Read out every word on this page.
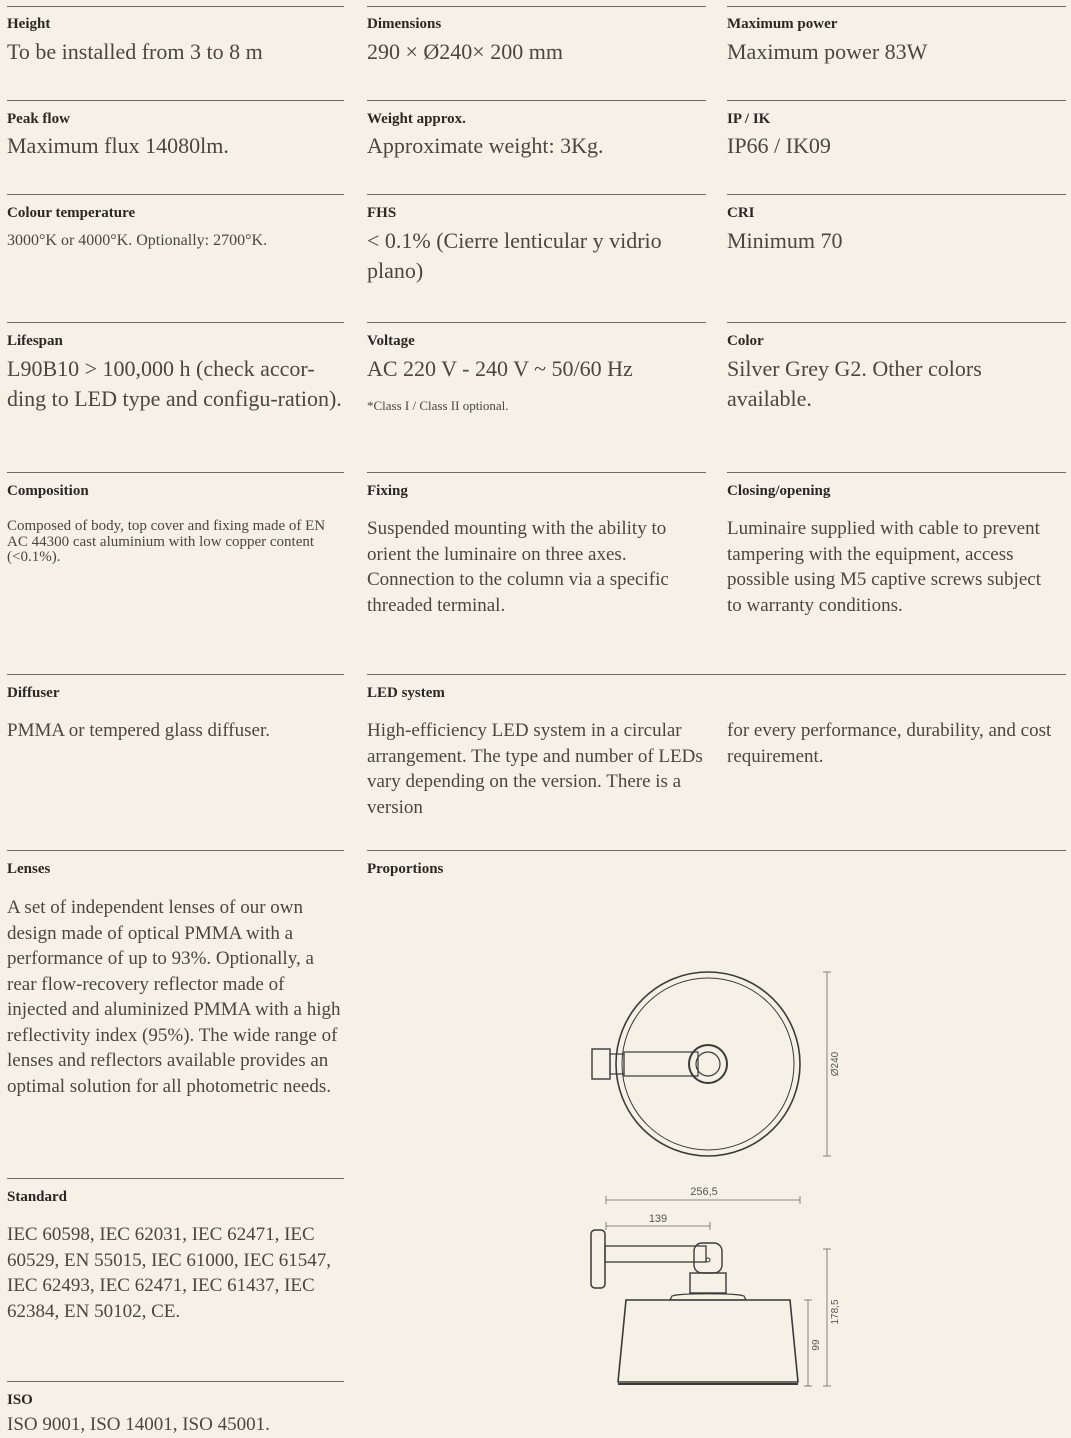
Height
To be installed from 3 to 8 m
Dimensions
290 × Ø240× 200 mm
Maximum power
Maximum power 83W
Peak flow
Maximum flux 14080lm.
Weight approx.
Approximate weight: 3Kg.
IP / IK
IP66 / IK09
Colour temperature
3000°K or 4000°K. Optionally: 2700°K.
FHS
< 0.1% (Cierre lenticular y vidrio plano)
CRI
Minimum 70
Lifespan
L90B10 > 100,000 h (check accor-ding to LED type and configu-ration).
Voltage
AC 220 V - 240 V ~ 50/60 Hz
*Class I / Class II optional.
Color
Silver Grey G2. Other colors available.
Composition
Composed of body, top cover and fixing made of EN AC 44300 cast aluminium with low copper content (<0.1%).
Fixing
Suspended mounting with the ability to orient the luminaire on three axes. Connection to the column via a specific threaded terminal.
Closing/opening
Luminaire supplied with cable to prevent tampering with the equipment, access possible using M5 captive screws subject to warranty conditions.
Diffuser
PMMA or tempered glass diffuser.
LED system
High-efficiency LED system in a circular arrangement. The type and number of LEDs vary depending on the version. There is a version
for every performance, durability, and cost requirement.
Lenses
A set of independent lenses of our own design made of optical PMMA with a performance of up to 93%. Optionally, a rear flow-recovery reflector made of injected and aluminized PMMA with a high reflectivity index (95%). The wide range of lenses and reflectors available provides an optimal solution for all photometric needs.
Proportions
Standard
IEC 60598, IEC 62031, IEC 62471, IEC 60529, EN 55015, IEC 61000, IEC 61547, IEC 62493, IEC 62471, IEC 61437, IEC 62384, EN 50102, CE.
ISO
ISO 9001, ISO 14001, ISO 45001.
Ø240
256,5
139
178,5
99
